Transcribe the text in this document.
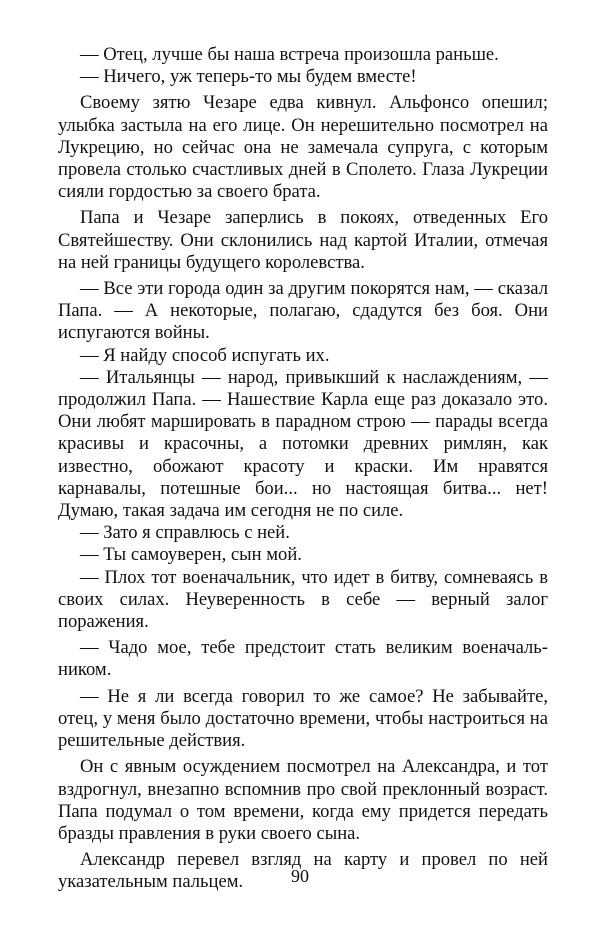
— Отец, лучше бы наша встреча произошла раньше.

— Ничего, уж теперь-то мы будем вместе!

Своему зятю Чезаре едва кивнул. Альфонсо опешил; улыбка застыла на его лице. Он нерешительно посмотрел на Лукрецию, но сейчас она не замечала супруга, с которым провела столько счастливых дней в Сполето. Глаза Лукреции сияли гордостью за своего брата.

Папа и Чезаре заперлись в покоях, отведенных Его Святейшеству. Они склонились над картой Италии, отмечая на ней границы будущего королевства.

— Все эти города один за другим покорятся нам, — сказал Папа. — А некоторые, полагаю, сдадутся без боя. Они испугаются войны.

— Я найду способ испугать их.

— Итальянцы — народ, привыкший к наслаждениям, — продолжил Папа. — Нашествие Карла еще раз доказало это. Они любят маршировать в парадном строю — парады всегда красивы и красочны, а потомки древних римлян, как известно, обожают красоту и краски. Им нравятся карнавалы, потешные бои... но настоящая битва... нет! Думаю, такая задача им сегодня не по силе.

— Зато я справлюсь с ней.

— Ты самоуверен, сын мой.

— Плох тот военачальник, что идет в битву, сомневаясь в своих силах. Неуверенность в себе — верный залог поражения.

— Чадо мое, тебе предстоит стать великим военачальником.

— Не я ли всегда говорил то же самое? Не забывайте, отец, у меня было достаточно времени, чтобы настроиться на решительные действия.

Он с явным осуждением посмотрел на Александра, и тот вздрогнул, внезапно вспомнив про свой преклонный возраст. Папа подумал о том времени, когда ему придется передать бразды правления в руки своего сына.

Александр перевел взгляд на карту и провел по ней указательным пальцем.	90
